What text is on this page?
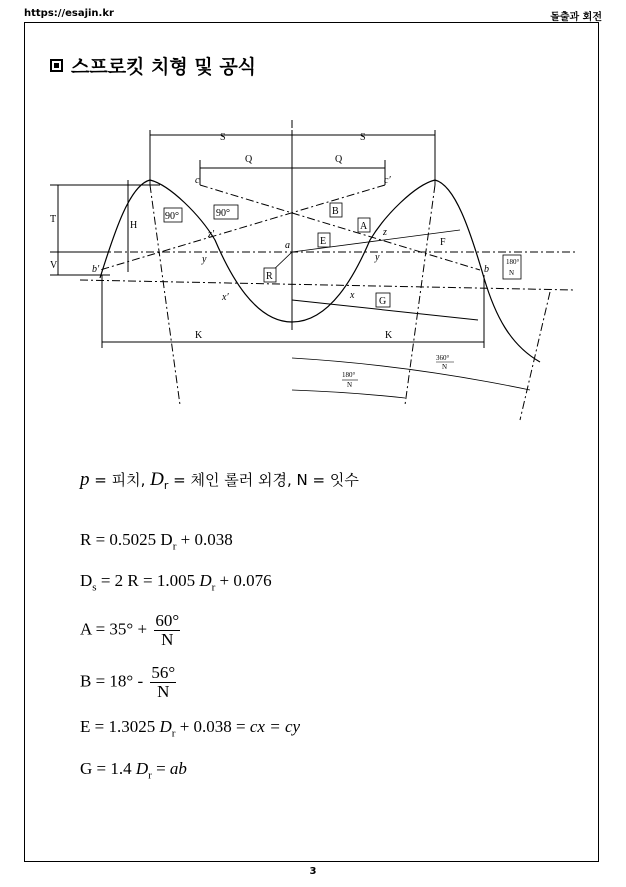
https://esajin.kr	돌출과 회전
스프로킷 치형 및 공식
S	S
Q	Q
T
V
H
K	K
F
90°	90°
R
E
A
B
G
c	c′
z′	z
y	y
a
b
b′
x
x′
180°
N
360°
N
180°
N
p = 피치, $D_r$ = 체인 롤러 외경, N = 잇수
R = 0.5025 $D_r + 0.038$
$D_s = 2$ R = 1.005 $D_r + 0.076$
$A = 35^\circ + \frac{60^\circ}{N}$
$B = 18^\circ - \frac{56^\circ}{N}$
E = 1.3025 $D_r + 0.038$ = cx = cy
G = 1.4 $D_r$ = ab
3
